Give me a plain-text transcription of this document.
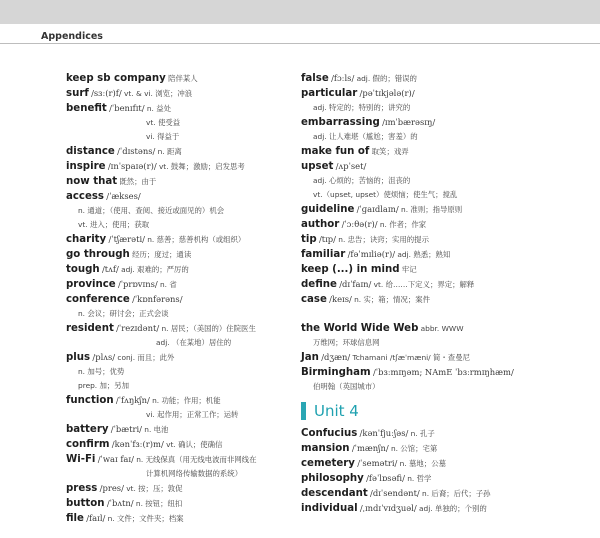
Appendices
keep sb company 陪伴某人
surf /sɜː(r)f/ vt. & vi. 浏览；冲浪
benefit /ˈbenɪfɪt/ n. 益处
vt. 使受益
vi. 得益于
distance /ˈdɪstəns/ n. 距离
inspire /ɪnˈspaɪə(r)/ vt. 鼓舞；激励；启发思考
now that 既然；由于
access /ˈækses/
n. 通道；（使用、查阅、接近或面见的）机会
vt. 进入；使用；获取
charity /ˈtʃærəti/ n. 慈善；慈善机构（或组织）
go through 经历；度过；通读
tough /tʌf/ adj. 艰难的；严厉的
province /ˈprɒvɪns/ n. 省
conference /ˈkɒnfərəns/
n. 会议；研讨会；正式会谈
resident /ˈrezɪdənt/ n. 居民；（美国的）住院医生
adj. （在某地）居住的
plus /plʌs/ conj. 而且；此外
n. 加号；优势
prep. 加；另加
function /ˈfʌŋkʃn/ n. 功能；作用；机能
vi. 起作用；正常工作；运转
battery /ˈbætri/ n. 电池
confirm /kənˈfɜː(r)m/ vt. 确认；使确信
Wi-Fi /ˈwaɪ faɪ/ n. 无线保真（用无线电波而非网线在
计算机网络传输数据的系统）
press /pres/ vt. 按；压；敦促
button /ˈbʌtn/ n. 按钮；纽扣
file /faɪl/ n. 文件；文件夹；档案
false /fɔːls/ adj. 假的；错误的
particular /pəˈtɪkjələ(r)/
adj. 特定的；特别的；讲究的
embarrassing /ɪmˈbærəsɪŋ/
adj. 让人难堪（尴尬；害羞）的
make fun of 取笑；戏弄
upset /ʌpˈset/
adj. 心烦的；苦恼的；沮丧的
vt.（upset, upset）使烦恼；使生气；搅乱
guideline /ˈɡaɪdlaɪn/ n. 准则；指导原则
author /ˈɔːθə(r)/ n. 作者；作家
tip /tɪp/ n. 忠告；诀窍；实用的提示
familiar /fəˈmɪliə(r)/ adj. 熟悉；熟知
keep (...) in mind 牢记
define /dɪˈfaɪn/ vt. 给……下定义；界定；解释
case /keɪs/ n. 实；箱；情况；案件
the World Wide Web abbr. WWW
万维网；环球信息网
Jan /dʒæn/ Tchamani /tʃæˈmæni/ 简・查曼尼
Birmingham /ˈbɜːmɪŋəm; NAmE ˈbɜːrmɪŋhæm/
伯明翰（英国城市）
Unit 4
Confucius /kənˈfjuːʃəs/ n. 孔子
mansion /ˈmænʃn/ n. 公馆；宅第
cemetery /ˈsemətri/ n. 墓地；公墓
philosophy /fəˈlɒsəfi/ n. 哲学
descendant /dɪˈsendənt/ n. 后裔；后代；子孙
individual /ˌɪndɪˈvɪdʒuəl/ adj. 单独的；个别的
